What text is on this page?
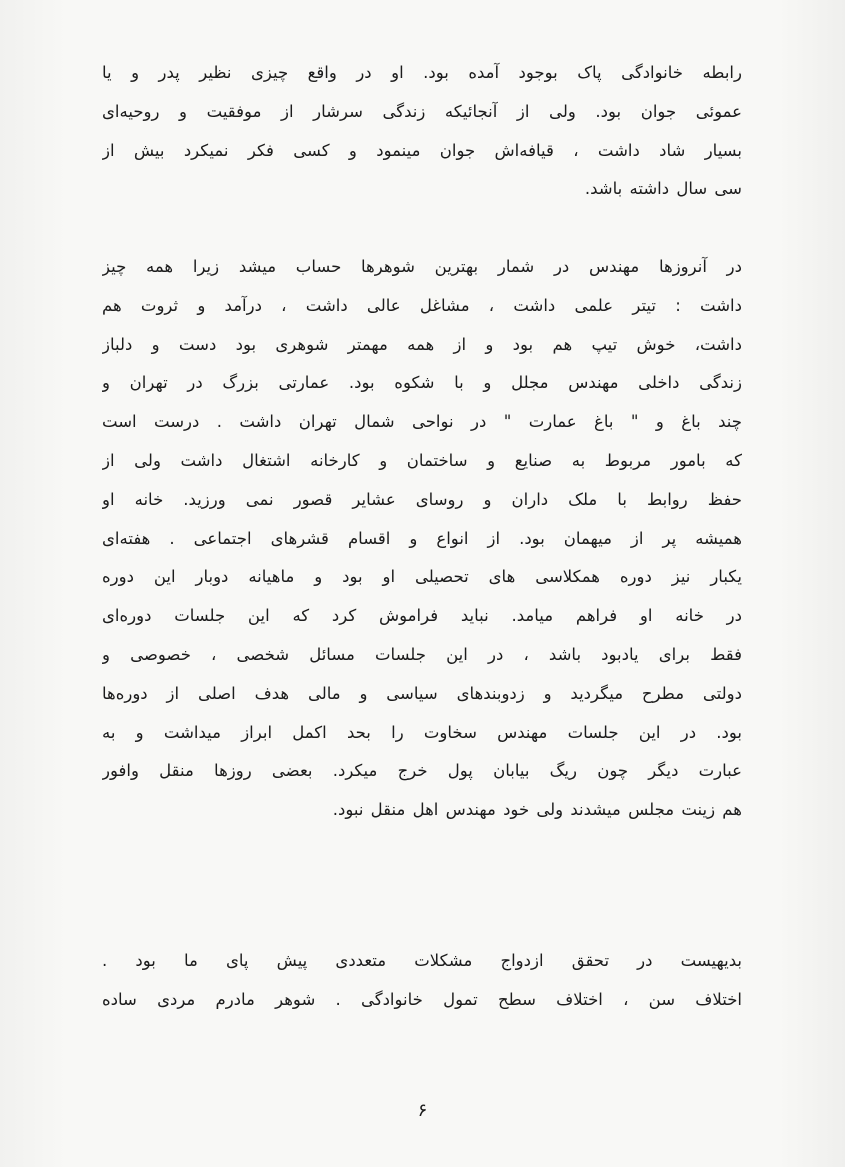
رابطه خانوادگی پاک بوجود آمده بود. او در واقع چیزی نظیر پدر و یا
عموئی جوان بود. ولی از آنجائیکه زندگی سرشار از موفقیت و روحیه‌ای
بسیار شاد داشت ، قیافه‌اش جوان مینمود و کسی فکر نمیکرد بیش از
سی سال داشته باشد.
در آنروزها مهندس در شمار بهترین شوهرها حساب میشد زیرا همه چیز
داشت : تیتر علمی داشت ، مشاغل عالی داشت ، درآمد و ثروت هم
داشت، خوش تیپ هم بود و از همه مهمتر شوهری بود دست و دلباز
زندگی داخلی مهندس مجلل و با شکوه بود. عمارتی بزرگ در تهران و
چند باغ و " باغ عمارت " در نواحی شمال تهران داشت . درست است
که بامور مربوط به صنایع و ساختمان و کارخانه اشتغال داشت ولی از
حفظ روابط با ملک داران و روسای عشایر قصور نمی ورزید. خانه او
همیشه پر از میهمان بود. از انواع و اقسام قشرهای اجتماعی . هفته‌ای
یکبار نیز دوره همکلاسی های تحصیلی او بود و ماهیانه دوبار این دوره
در خانه او فراهم میامد. نباید فراموش کرد که این جلسات دوره‌ای
فقط برای یادبود باشد ، در این جلسات مسائل شخصی ، خصوصی و
دولتی مطرح میگردید و زدوبندهای سیاسی و مالی هدف اصلی از دوره‌ها
بود. در این جلسات مهندس سخاوت را بحد اکمل ابراز میداشت و به
عبارت دیگر چون ریگ بیابان پول خرج میکرد. بعضی روزها منقل وافور
هم زینت مجلس میشدند ولی خود مهندس اهل منقل نبود.
بدیهیست در تحقق ازدواج مشکلات متعددی پیش پای ما بود .
اختلاف سن ، اختلاف سطح تمول خانوادگی . شوهر مادرم مردی ساده
۶
